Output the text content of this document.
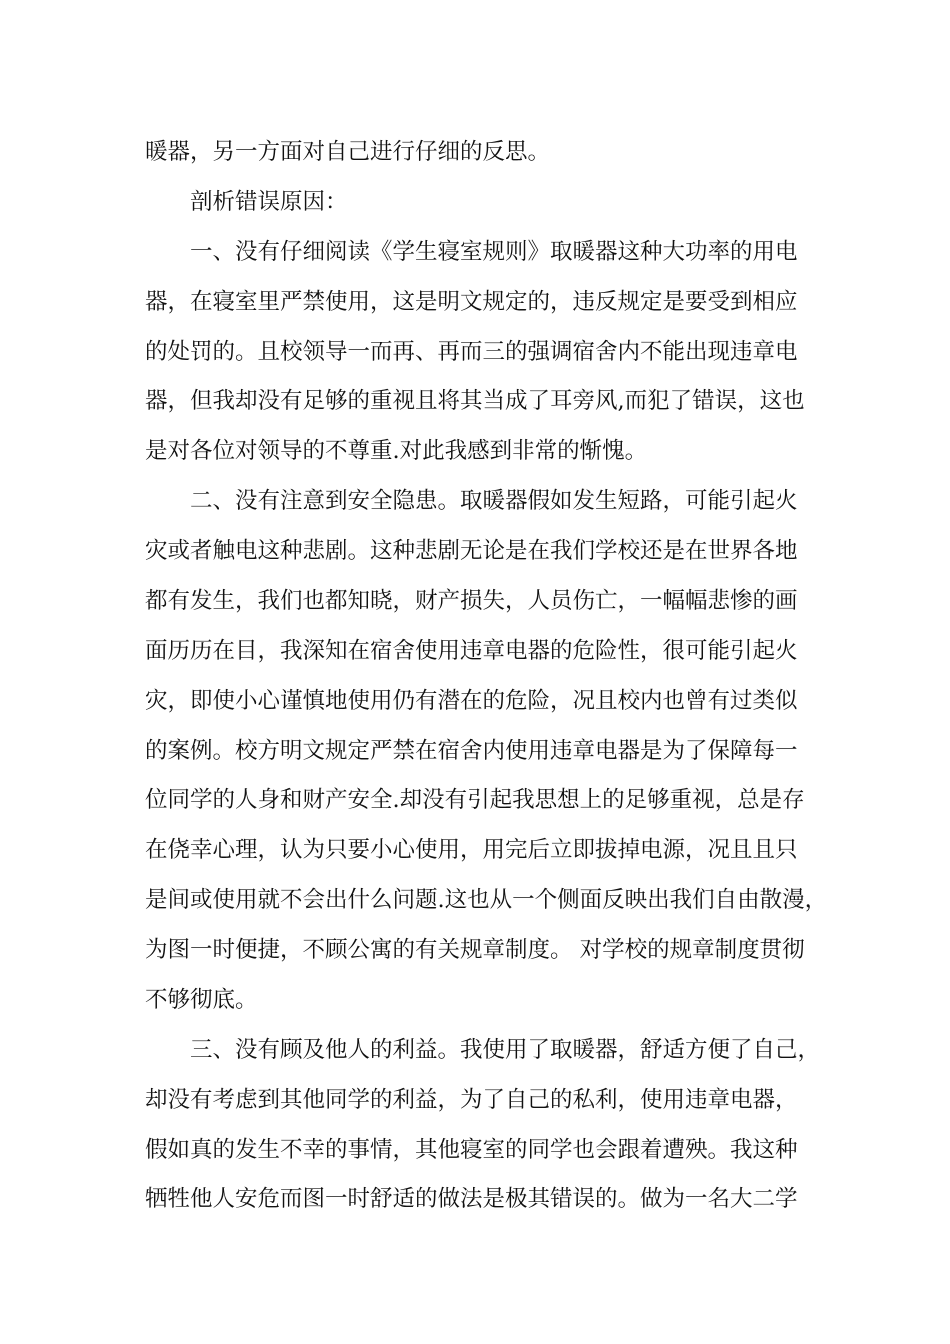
暖器，另一方面对自己进行仔细的反思。
剖析错误原因：
一、没有仔细阅读《学生寝室规则》取暖器这种大功率的用电
器，在寝室里严禁使用，这是明文规定的，违反规定是要受到相应
的处罚的。且校领导一而再、再而三的强调宿舍内不能出现违章电
器，但我却没有足够的重视且将其当成了耳旁风,而犯了错误，这也
是对各位对领导的不尊重.对此我感到非常的惭愧。
二、没有注意到安全隐患。取暖器假如发生短路，可能引起火
灾或者触电这种悲剧。这种悲剧无论是在我们学校还是在世界各地
都有发生，我们也都知晓，财产损失，人员伤亡，一幅幅悲惨的画
面历历在目，我深知在宿舍使用违章电器的危险性，很可能引起火
灾，即使小心谨慎地使用仍有潜在的危险，况且校内也曾有过类似
的案例。校方明文规定严禁在宿舍内使用违章电器是为了保障每一
位同学的人身和财产安全.却没有引起我思想上的足够重视，总是存
在侥幸心理，认为只要小心使用，用完后立即拔掉电源，况且且只
是间或使用就不会出什么问题.这也从一个侧面反映出我们自由散漫，
为图一时便捷，不顾公寓的有关规章制度。 对学校的规章制度贯彻
不够彻底。
三、没有顾及他人的利益。我使用了取暖器，舒适方便了自己，
却没有考虑到其他同学的利益，为了自己的私利，使用违章电器，
假如真的发生不幸的事情，其他寝室的同学也会跟着遭殃。我这种
牺牲他人安危而图一时舒适的做法是极其错误的。做为一名大二学
